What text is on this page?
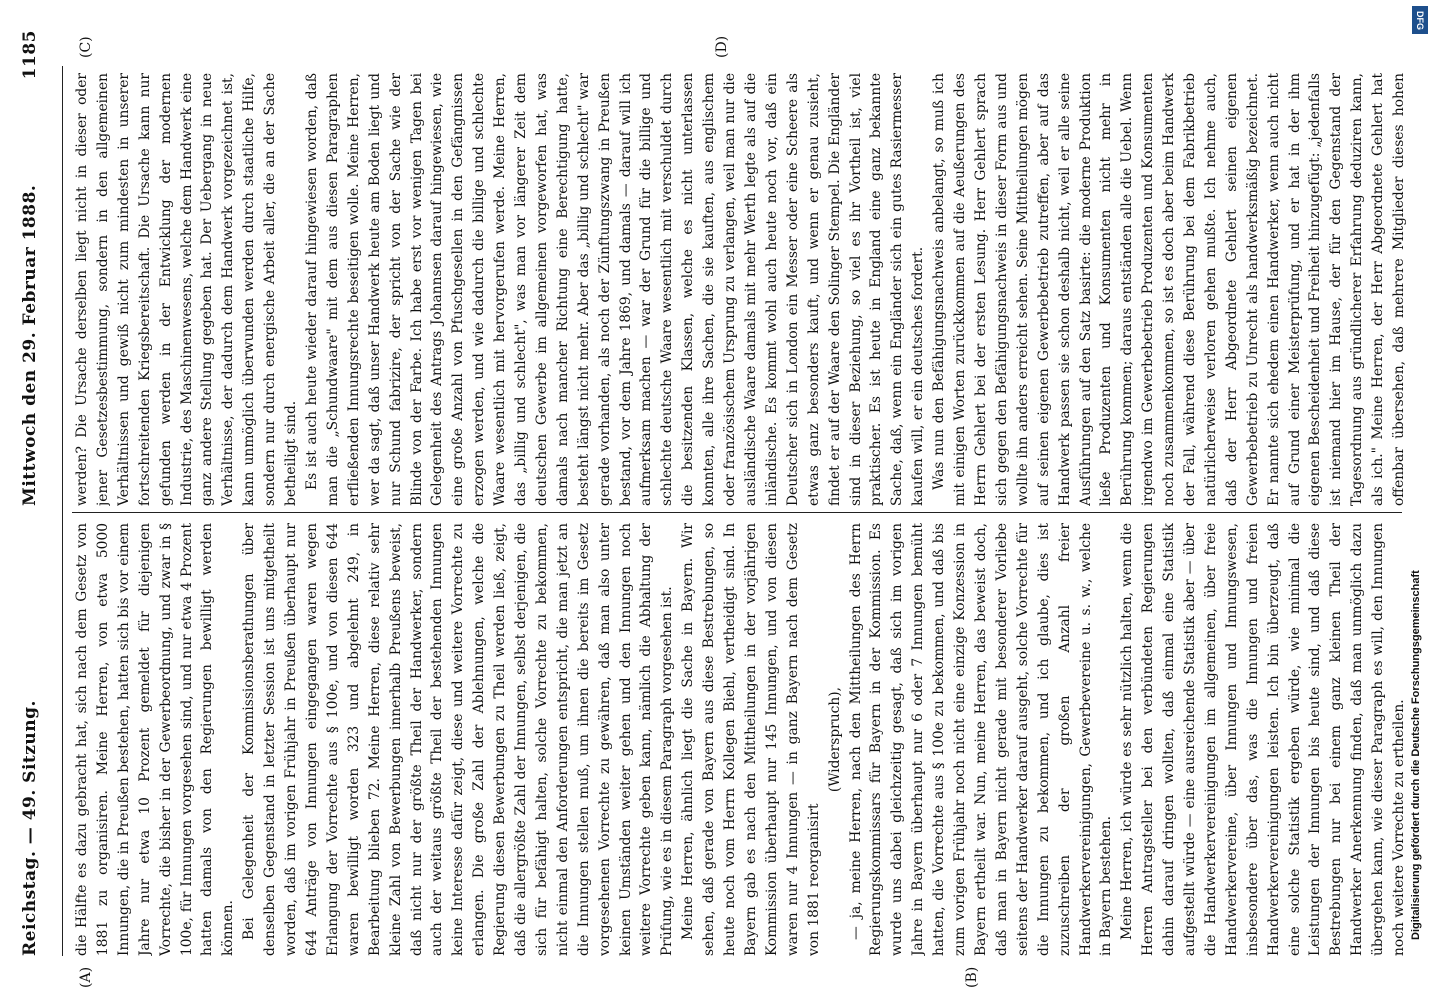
Reichstag. — 49. Sitzung.
Mittwoch den 29. Februar 1888.
1185
(A)	(B)
(C)	(D)

die Hälfte es dazu gebracht hat, sich nach dem Gesetz von 1881 zu organisiren. Meine Herren, von etwa 5000 Innungen, die in Preußen bestehen, hatten sich bis vor einem Jahre nur etwa 10 Prozent gemeldet für diejenigen Vorrechte, die bisher in der Gewerbeordnung, und zwar in § 100e, für Innungen vorgesehen sind, und nur etwa 4 Prozent hatten damals von den Regierungen bewilligt werden können. Bei Gelegenheit der Kommissionsberathungen über denselben Gegenstand in letzter Session ist uns mitgetheilt worden, daß im vorigen Frühjahr in Preußen überhaupt nur 644 Anträge von Innungen eingegangen waren wegen Erlangung der Vorrechte aus § 100e, und von diesen 644 waren bewilligt worden 323 und abgelehnt 249, in Bearbeitung blieben 72. Meine Herren, diese relativ sehr kleine Zahl von Bewerbungen innerhalb Preußens beweist, daß nicht nur der größte Theil der Handwerker, sondern auch der weitaus größte Theil der bestehenden Innungen keine Interesse dafür zeigt, diese und weitere Vorrechte zu erlangen. Die große Zahl der Ablehnungen, welche die Regierung diesen Bewerbungen zu Theil werden ließ, zeigt, daß die allergrößte Zahl der Innungen, selbst derjenigen, die sich für befähigt halten, solche Vorrechte zu bekommen, nicht einmal den Anforderungen entspricht, die man jetzt an die Innungen stellen muß, um ihnen die bereits im Gesetz vorgesehenen Vorrechte zu gewähren, daß man also unter keinen Umständen weiter gehen und den Innungen noch weitere Vorrechte geben kann, nämlich die Abhaltung der Prüfung, wie es in diesem Paragraph vorgesehen ist. Meine Herren, ähnlich liegt die Sache in Bayern. Wir sehen, daß gerade von Bayern aus diese Bestrebungen, so heute noch vom Herrn Kollegen Biehl, vertheidigt sind. In Bayern gab es nach den Mittheilungen in der vorjährigen Kommission überhaupt nur 145 Innungen, und von diesen waren nur 4 Innungen — in ganz Bayern nach dem Gesetz von 1881 reorganisirt

(Widerspruch), — ja, meine Herren, nach den Mittheilungen des Herrn Regierungskommissars für Bayern in der Kommission. Es wurde uns dabei gleichzeitig gesagt, daß sich im vorigen Jahre in Bayern überhaupt nur 6 oder 7 Innungen bemüht hatten, die Vorrechte aus § 100e zu bekommen, und daß bis zum vorigen Frühjahr noch nicht eine einzige Konzession in Bayern ertheilt war. Nun, meine Herren, das beweist doch, daß man in Bayern nicht gerade mit besonderer Vorliebe seitens der Handwerker darauf ausgeht, solche Vorrechte für die Innungen zu bekommen, und ich glaube, dies ist zuzuschreiben der großen Anzahl freier Handwerkervereinigungen, Gewerbevereine u. s. w., welche in Bayern bestehen. Meine Herren, ich würde es sehr nützlich halten, wenn die Herren Antragsteller bei den verbündeten Regierungen dahin darauf dringen wollten, daß einmal eine Statistik aufgestellt würde — eine ausreichende Statistik aber — über die Handwerkervereinigungen im allgemeinen, über freie Handwerkervereine, über Innungen und Innungswesen, insbesondere über das, was die Innungen und freien Handwerkervereinigungen leisten. Ich bin überzeugt, daß eine solche Statistik ergeben würde, wie minimal die Leistungen der Innungen bis heute sind, und daß diese Bestrebungen nur bei einem ganz kleinen Theil der Handwerker Anerkennung finden, daß man unmöglich dazu übergehen kann, wie dieser Paragraph es will, den Innungen noch weitere Vorrechte zu ertheilen.

werden? Die Ursache derselben liegt nicht in dieser oder jener Gesetzesbestimmung, sondern in den allgemeinen Verhältnissen und gewiß nicht zum mindesten in unserer fortschreitenden Kriegsbereitschaft. Die Ursache kann nur gefunden werden in der Entwicklung der modernen Industrie, des Maschinenwesens, welche dem Handwerk eine ganz andere Stellung gegeben hat. Der Uebergang in neue Verhältnisse, der dadurch dem Handwerk vorgezeichnet ist, kann unmöglich überwunden werden durch staatliche Hilfe, sondern nur durch energische Arbeit aller, die an der Sache betheiligt sind. Es ist auch heute wieder darauf hingewiesen worden, daß man die „Schundwaare" mit dem aus diesen Paragraphen erfließenden Innungsrechte beseitigen wolle. Meine Herren, wer da sagt, daß unser Handwerk heute am Boden liegt und nur Schund fabrizire, der spricht von der Sache wie der Blinde von der Farbe. Ich habe erst vor wenigen Tagen bei Gelegenheit des Antrags Johannsen darauf hingewiesen, wie eine große Anzahl von Pfuschgesellen in den Gefängnissen erzogen werden, und wie dadurch die billige und schlechte Waare wesentlich mit hervorgerufen werde. Meine Herren, das „billig und schlecht", was man vor längerer Zeit dem deutschen Gewerbe im allgemeinen vorgeworfen hat, was damals nach mancher Richtung eine Berechtigung hatte, besteht längst nicht mehr. Aber das „billig und schlecht" war gerade vorhanden, als noch der Zünftungszwang in Preußen bestand, vor dem Jahre 1869, und damals — darauf will ich aufmerksam machen — war der Grund für die billige und schlechte deutsche Waare wesentlich mit verschuldet durch die besitzenden Klassen, welche es nicht unterlassen konnten, alle ihre Sachen, die sie kauften, aus englischem oder französischem Ursprung zu verlangen, weil man nur die ausländische Waare damals mit mehr Werth legte als auf die inländische. Es kommt wohl auch heute noch vor, daß ein Deutscher sich in London ein Messer oder eine Scheere als etwas ganz besonders kauft, und wenn er genau zusieht, findet er auf der Waare den Solinger Stempel. Die Engländer sind in dieser Beziehung, so viel es ihr Vortheil ist, viel praktischer. Es ist heute in England eine ganz bekannte Sache, daß, wenn ein Engländer sich ein gutes Rasiermesser kaufen will, er ein deutsches fordert. Was nun den Befähigungsnachweis anbelangt, so muß ich mit einigen Worten zurückkommen auf die Aeußerungen des Herrn Gehlert bei der ersten Lesung. Herr Gehlert sprach sich gegen den Befähigungsnachweis in dieser Form aus und wollte ihn anders erreicht sehen. Seine Mittheilungen mögen auf seinen eigenen Gewerbebetrieb zutreffen, aber auf das Handwerk passen sie schon deshalb nicht, weil er alle seine Ausführungen auf den Satz basirte: die moderne Produktion ließe Produzenten und Konsumenten nicht mehr in Berührung kommen; daraus entständen alle die Uebel. Wenn irgendwo im Gewerbebetrieb Produzenten und Konsumenten noch zusammenkommen, so ist es doch aber beim Handwerk der Fall, während diese Berührung bei dem Fabrikbetrieb natürlicherweise verloren gehen mußte. Ich nehme auch, daß der Herr Abgeordnete Gehlert seinen eigenen Gewerbebetrieb zu Unrecht als handwerksmäßig bezeichnet. Er nannte sich ehedem einen Handwerker, wenn auch nicht auf Grund einer Meisterprüfung, und er hat in der ihm eigenen Bescheidenheit und Freiheit hinzugefügt: „jedenfalls ist niemand hier im Hause, der für den Gegenstand der Tagesordnung aus gründlicherer Erfahrung deduziren kann, als ich." Meine Herren, der Herr Abgeordnete Gehlert hat offenbar übersehen, daß mehrere Mitglieder dieses hohen

Digitalisierung gefördert durch die Deutsche Forschungsgemeinschaft
DFG
